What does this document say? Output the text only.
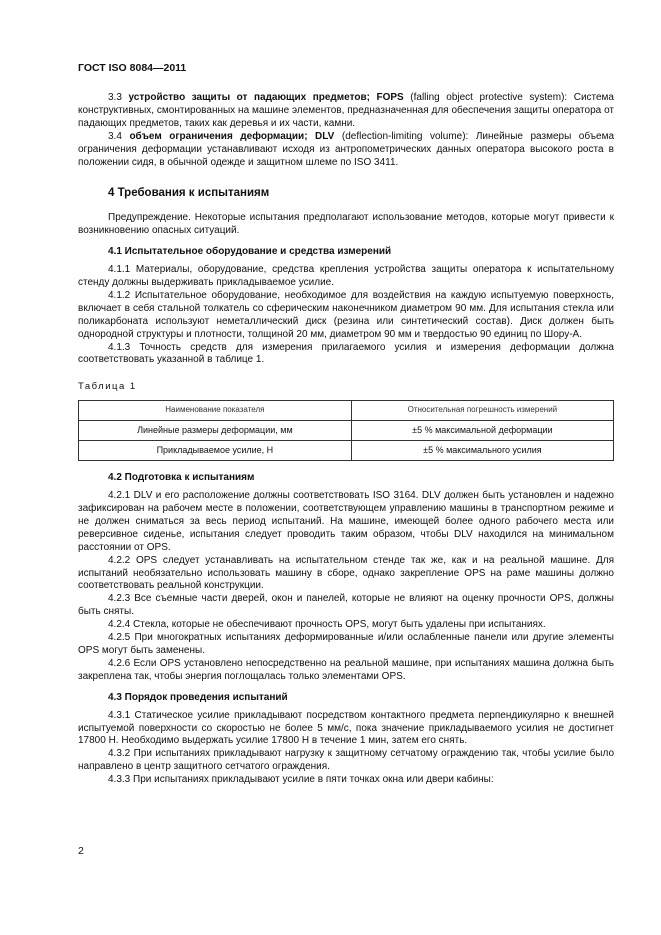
ГОСТ ISO 8084—2011

3.3 устройство защиты от падающих предметов; FOPS (falling object protective system): Система конструктивных, смонтированных на машине элементов, предназначенная для обеспечения защиты оператора от падающих предметов, таких как деревья и их части, камни.

3.4 объем ограничения деформации; DLV (deflection-limiting volume): Линейные размеры объема ограничения деформации устанавливают исходя из антропометрических данных оператора высокого роста в положении сидя, в обычной одежде и защитном шлеме по ISO 3411.

4 Требования к испытаниям

Предупреждение. Некоторые испытания предполагают использование методов, которые могут привести к возникновению опасных ситуаций.

4.1 Испытательное оборудование и средства измерений

4.1.1 Материалы, оборудование, средства крепления устройства защиты оператора к испытательному стенду должны выдерживать прикладываемое усилие.

4.1.2 Испытательное оборудование, необходимое для воздействия на каждую испытуемую поверхность, включает в себя стальной толкатель со сферическим наконечником диаметром 90 мм. Для испытания стекла или поликарбоната используют неметаллический диск (резина или синтетический состав). Диск должен быть однородной структуры и плотности, толщиной 20 мм, диаметром 90 мм и твердостью 90 единиц по Шору-А.

4.1.3 Точность средств для измерения прилагаемого усилия и измерения деформации должна соответствовать указанной в таблице 1.

Таблица 1
Наименование показателя	Относительная погрешность измерений
Линейные размеры деформации, мм	±5 % максимальной деформации
Прикладываемое усилие, Н	±5 % максимального усилия
4.2 Подготовка к испытаниям

4.2.1 DLV и его расположение должны соответствовать ISO 3164. DLV должен быть установлен и надежно зафиксирован на рабочем месте в положении, соответствующем управлению машины в транспортном режиме и не должен сниматься за весь период испытаний. На машине, имеющей более одного рабочего места или реверсивное сиденье, испытания следует проводить таким образом, чтобы DLV находился на минимальном расстоянии от OPS.

4.2.2 OPS следует устанавливать на испытательном стенде так же, как и на реальной машине. Для испытаний необязательно использовать машину в сборе, однако закрепление OPS на раме машины должно соответствовать реальной конструкции.

4.2.3 Все съемные части дверей, окон и панелей, которые не влияют на оценку прочности OPS, должны быть сняты.

4.2.4 Стекла, которые не обеспечивают прочность OPS, могут быть удалены при испытаниях.

4.2.5 При многократных испытаниях деформированные и/или ослабленные панели или другие элементы OPS могут быть заменены.

4.2.6 Если OPS установлено непосредственно на реальной машине, при испытаниях машина должна быть закреплена так, чтобы энергия поглощалась только элементами OPS.

4.3 Порядок проведения испытаний

4.3.1 Статическое усилие прикладывают посредством контактного предмета перпендикулярно к внешней испытуемой поверхности со скоростью не более 5 мм/с, пока значение прикладываемого усилия не достигнет 17800 Н. Необходимо выдержать усилие 17800 Н в течение 1 мин, затем его снять.

4.3.2 При испытаниях прикладывают нагрузку к защитному сетчатому ограждению так, чтобы усилие было направлено в центр защитного сетчатого ограждения.

4.3.3 При испытаниях прикладывают усилие в пяти точках окна или двери кабины:

2
